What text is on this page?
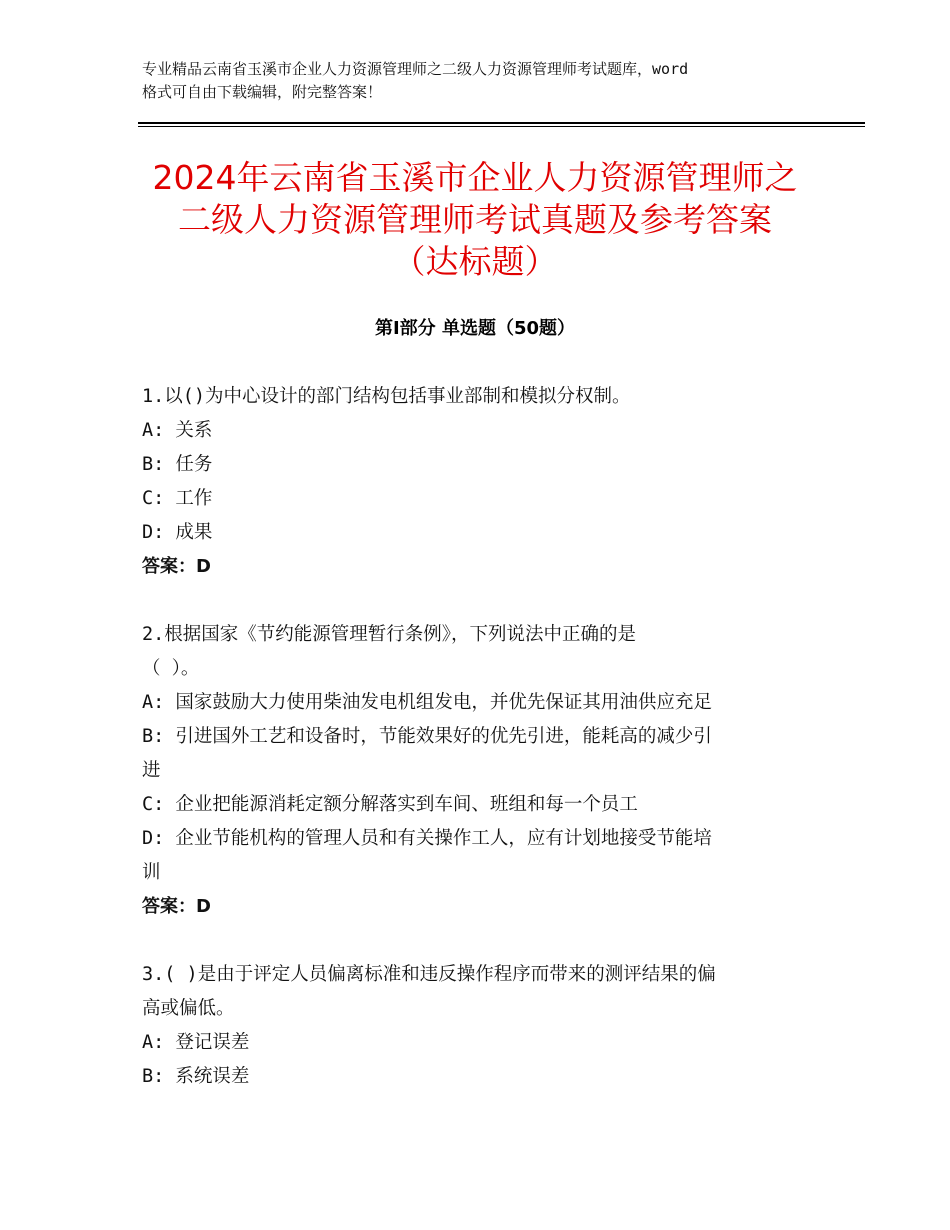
专业精品云南省玉溪市企业人力资源管理师之二级人力资源管理师考试题库，word
格式可自由下载编辑，附完整答案！
2024年云南省玉溪市企业人力资源管理师之
二级人力资源管理师考试真题及参考答案
（达标题）
第Ⅰ部分 单选题（50题）
1.以()为中心设计的部门结构包括事业部制和模拟分权制。
A: 关系
B: 任务
C: 工作
D: 成果
答案：D
2.根据国家《节约能源管理暂行条例》，下列说法中正确的是
（ ）。
A: 国家鼓励大力使用柴油发电机组发电，并优先保证其用油供应充足
B: 引进国外工艺和设备时，节能效果好的优先引进，能耗高的减少引
进
C: 企业把能源消耗定额分解落实到车间、班组和每一个员工
D: 企业节能机构的管理人员和有关操作工人，应有计划地接受节能培
训
答案：D
3.( )是由于评定人员偏离标准和违反操作程序而带来的测评结果的偏
高或偏低。
A: 登记误差
B: 系统误差
